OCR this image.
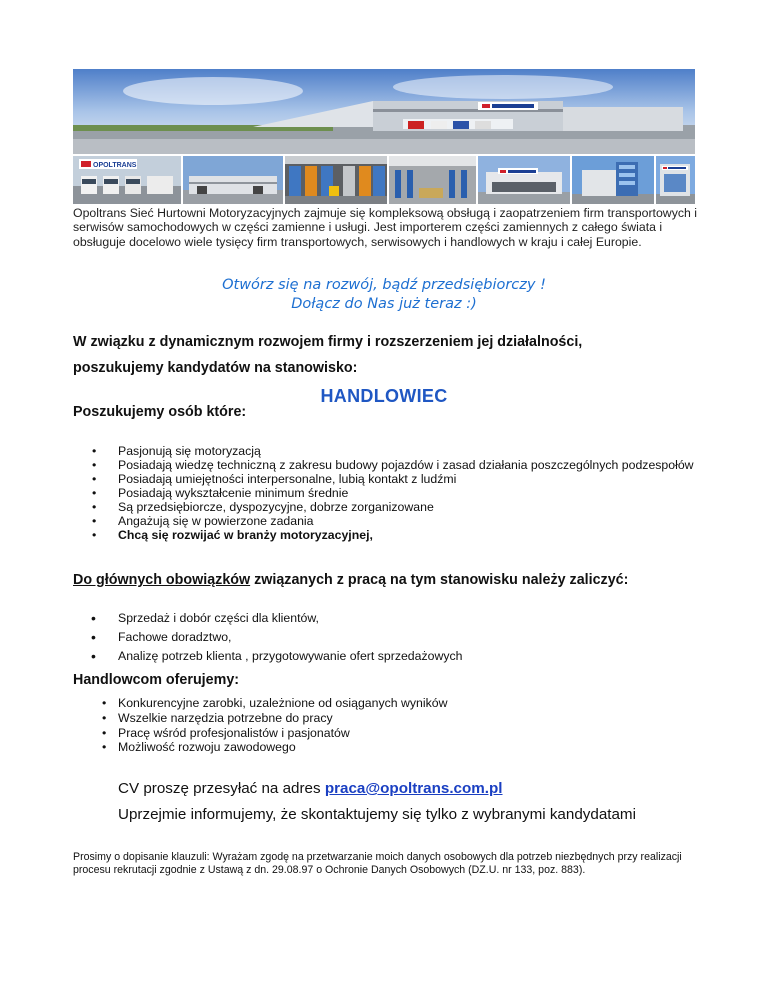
OPOLTRANS
Opoltrans Sieć Hurtowni Motoryzacyjnych zajmuje się kompleksową obsługą i zaopatrzeniem firm transportowych i serwisów samochodowych w części zamienne i usługi. Jest importerem części zamiennych z całego świata i obsługuje docelowo wiele tysięcy firm transportowych, serwisowych i handlowych w kraju i całej Europie.
Otwórz się na rozwój, bądź przedsiębiorczy !
Dołącz do Nas już teraz :)
W związku z dynamicznym rozwojem firmy i rozszerzeniem jej działalności,
poszukujemy kandydatów na stanowisko:
HANDLOWIEC
Poszukujemy osób które:
• Pasjonują się motoryzacją
• Posiadają wiedzę techniczną z zakresu budowy pojazdów i zasad działania poszczególnych podzespołów
• Posiadają umiejętności interpersonalne, lubią kontakt z ludźmi
• Posiadają wykształcenie minimum średnie
• Są przedsiębiorcze, dyspozycyjne, dobrze zorganizowane
• Angażują się w powierzone zadania
• Chcą się rozwijać w branży motoryzacyjnej,
Do głównych obowiązków związanych z pracą na tym stanowisku należy zaliczyć:
• Sprzedaż i dobór części dla klientów,
• Fachowe doradztwo,
• Analizę potrzeb klienta , przygotowywanie ofert sprzedażowych
Handlowcom oferujemy:
• Konkurencyjne zarobki, uzależnione od osiąganych wyników
• Wszelkie narzędzia potrzebne do pracy
• Pracę wśród profesjonalistów i pasjonatów
• Możliwość rozwoju zawodowego
CV proszę przesyłać na adres praca@opoltrans.com.pl
Uprzejmie informujemy, że skontaktujemy się tylko z wybranymi kandydatami
Prosimy o dopisanie klauzuli: Wyrażam zgodę na przetwarzanie moich danych osobowych dla potrzeb niezbędnych przy realizacji procesu rekrutacji zgodnie z Ustawą z dn. 29.08.97 o Ochronie Danych Osobowych (DZ.U. nr 133, poz. 883).
